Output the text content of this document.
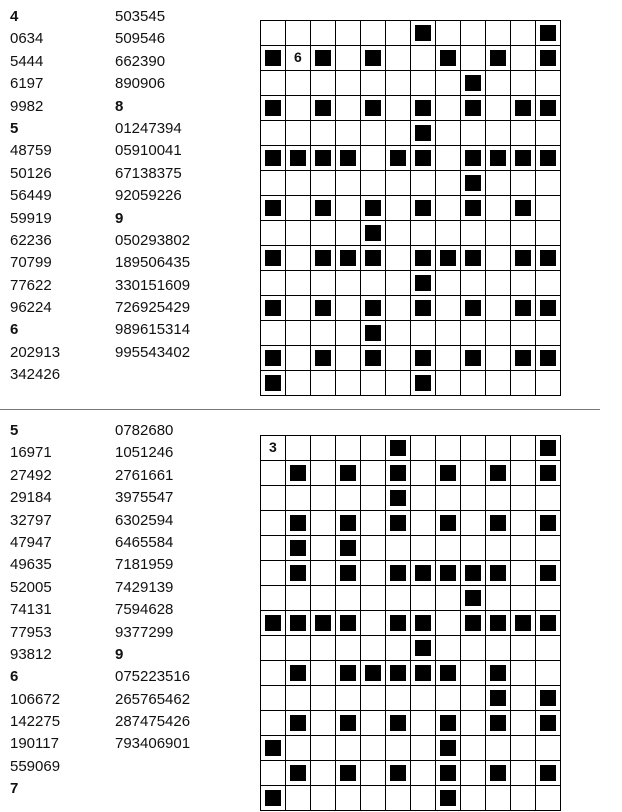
4
0634
5444
6197
9982
5
48759
50126
56449
59919
62236
70799
77622
96224
6
202913
342426
503545
509546
662390
890906
8
01247394
05910041
67138375
92059226
9
050293802
189506435
330151609
726925429
989615314
995543402
6
5
16971
27492
29184
32797
47947
49635
52005
74131
77953
93812
6
106672
142275
190117
559069
7
0782680
1051246
2761661
3975547
6302594
6465584
7181959
7429139
7594628
9377299
9
075223516
265765462
287475426
793406901
3
